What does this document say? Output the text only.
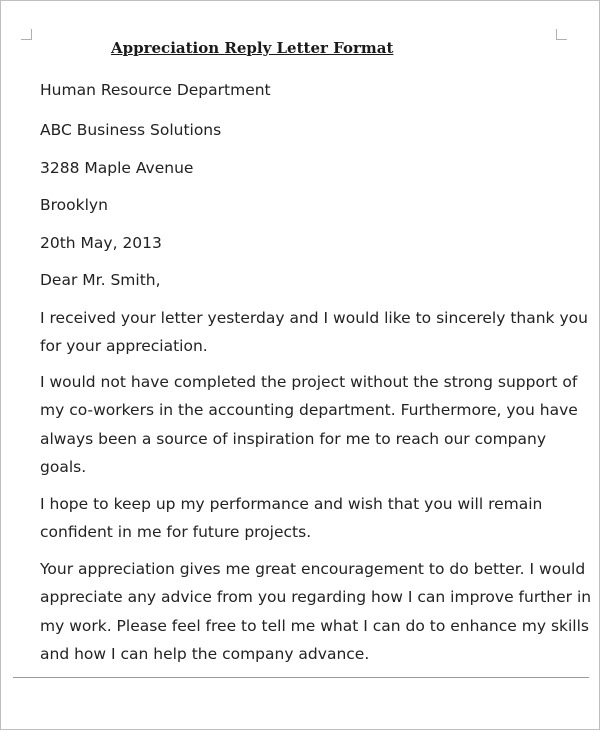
Appreciation Reply Letter Format
Human Resource Department
ABC Business Solutions
3288 Maple Avenue
Brooklyn
20th May, 2013
Dear Mr. Smith,
I received your letter yesterday and I would like to sincerely thank you
for your appreciation.
I would not have completed the project without the strong support of
my co-workers in the accounting department. Furthermore, you have
always been a source of inspiration for me to reach our company
goals.
I hope to keep up my performance and wish that you will remain
confident in me for future projects.
Your appreciation gives me great encouragement to do better. I would
appreciate any advice from you regarding how I can improve further in
my work. Please feel free to tell me what I can do to enhance my skills
and how I can help the company advance.
